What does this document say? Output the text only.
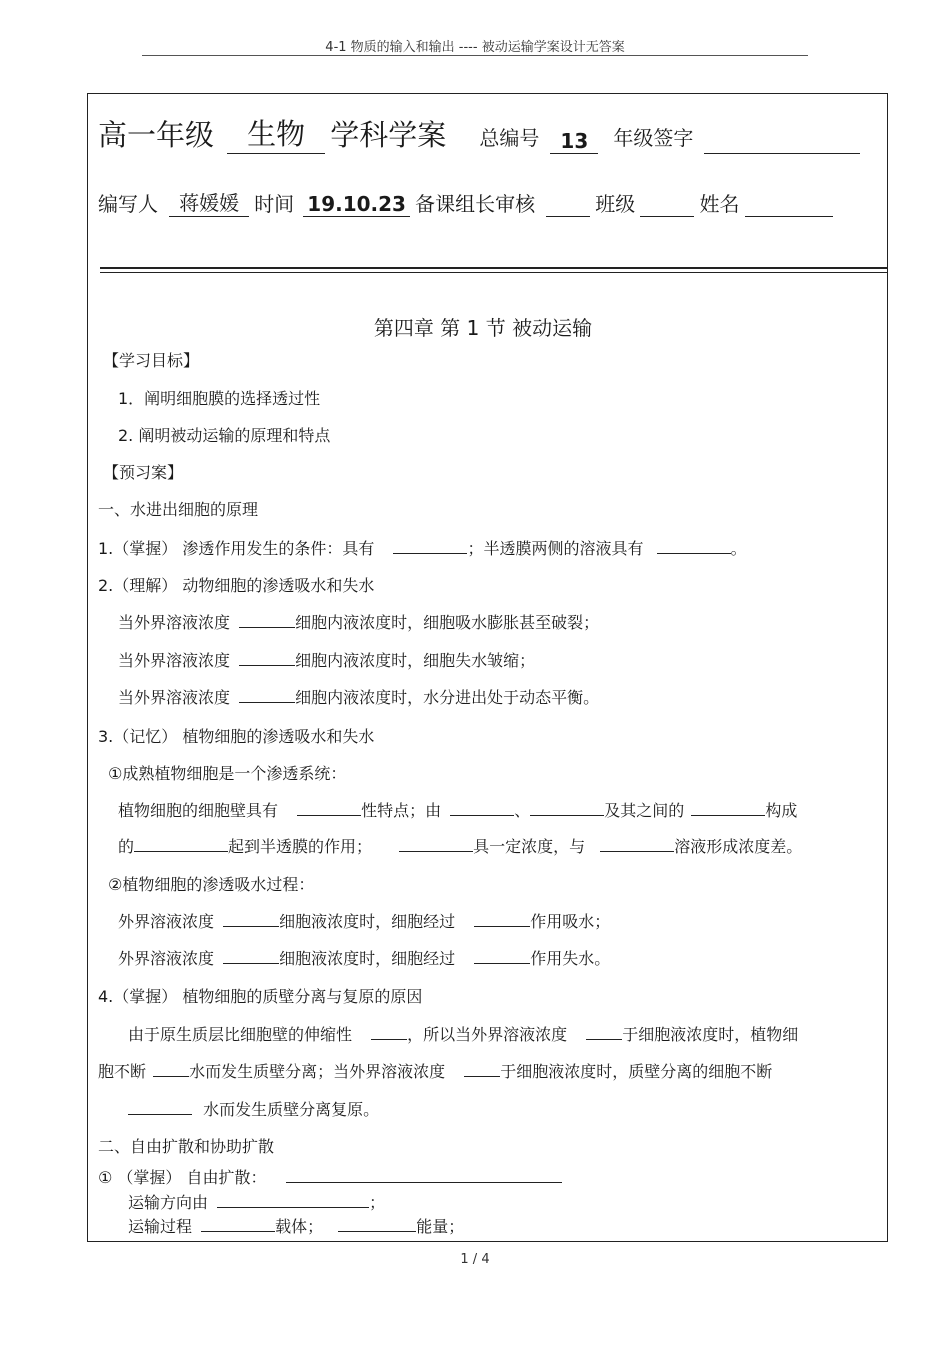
4-1 物质的输入和输出 ---- 被动运输学案设计无答案
高一年级 生物 学科学案 总编号 13 年级签字
编写人 蒋媛媛 时间 19.10.23 备课组长审核	班级	姓名
第四章 第 1 节 被动运输
【学习目标】
1．阐明细胞膜的选择透过性
2. 阐明被动运输的原理和特点
【预习案】
一、水进出细胞的原理
1.（掌握） 渗透作用发生的条件：具有	；半透膜两侧的溶液具有	。
2.（理解） 动物细胞的渗透吸水和失水
当外界溶液浓度	细胞内液浓度时，细胞吸水膨胀甚至破裂；
当外界溶液浓度	细胞内液浓度时，细胞失水皱缩；
当外界溶液浓度	细胞内液浓度时，水分进出处于动态平衡。
3.（记忆） 植物细胞的渗透吸水和失水
①成熟植物细胞是一个渗透系统：
植物细胞的细胞壁具有	性特点；由	、	及其之间的	构成
的	起到半透膜的作用；	具一定浓度，与	溶液形成浓度差。
②植物细胞的渗透吸水过程：
外界溶液浓度	细胞液浓度时，细胞经过	作用吸水；
外界溶液浓度	细胞液浓度时，细胞经过	作用失水。
4.（掌握） 植物细胞的质壁分离与复原的原因
由于原生质层比细胞壁的伸缩性	，所以当外界溶液浓度	于细胞液浓度时，植物细
胞不断	水而发生质壁分离；当外界溶液浓度	于细胞液浓度时，质壁分离的细胞不断
水而发生质壁分离复原。
二、自由扩散和协助扩散
① （掌握） 自由扩散：
运输方向由	；
运输过程	载体；	能量；
1 / 4
